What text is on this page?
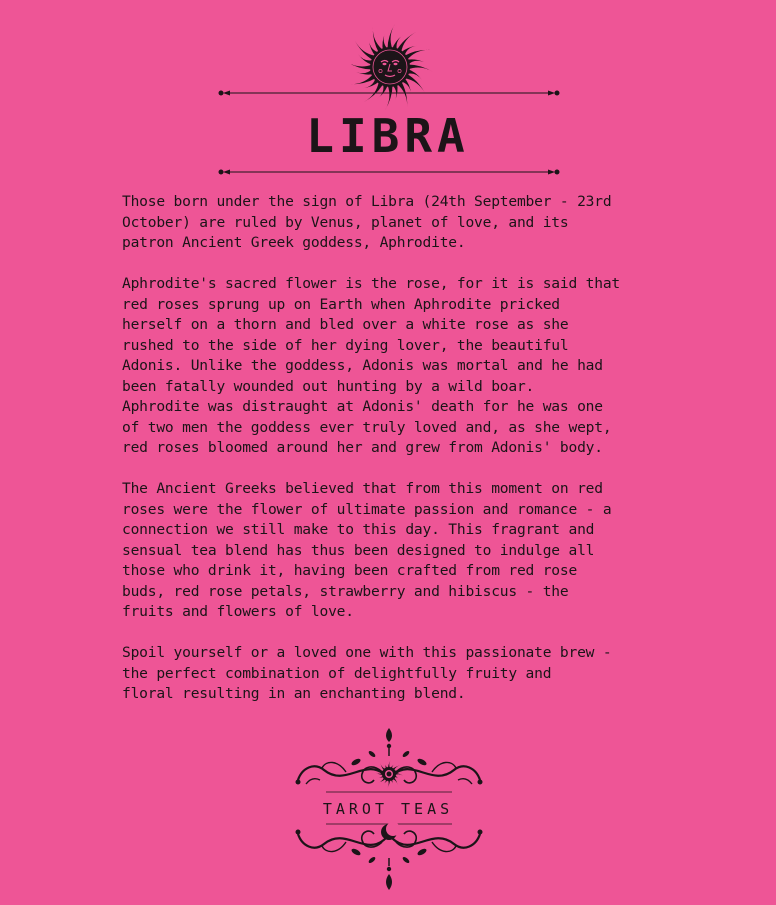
LIBRA

Those born under the sign of Libra (24th September - 23rd
October) are ruled by Venus, planet of love, and its
patron Ancient Greek goddess, Aphrodite.

Aphrodite's sacred flower is the rose, for it is said that
red roses sprung up on Earth when Aphrodite pricked
herself on a thorn and bled over a white rose as she
rushed to the side of her dying lover, the beautiful
Adonis. Unlike the goddess, Adonis was mortal and he had
been fatally wounded out hunting by a wild boar.
Aphrodite was distraught at Adonis' death for he was one
of two men the goddess ever truly loved and, as she wept,
red roses bloomed around her and grew from Adonis' body.

The Ancient Greeks believed that from this moment on red
roses were the flower of ultimate passion and romance - a
connection we still make to this day. This fragrant and
sensual tea blend has thus been designed to indulge all
those who drink it, having been crafted from red rose
buds, red rose petals, strawberry and hibiscus - the
fruits and flowers of love.

Spoil yourself or a loved one with this passionate brew -
the perfect combination of delightfully fruity and
floral resulting in an enchanting blend.

TAROT TEAS
